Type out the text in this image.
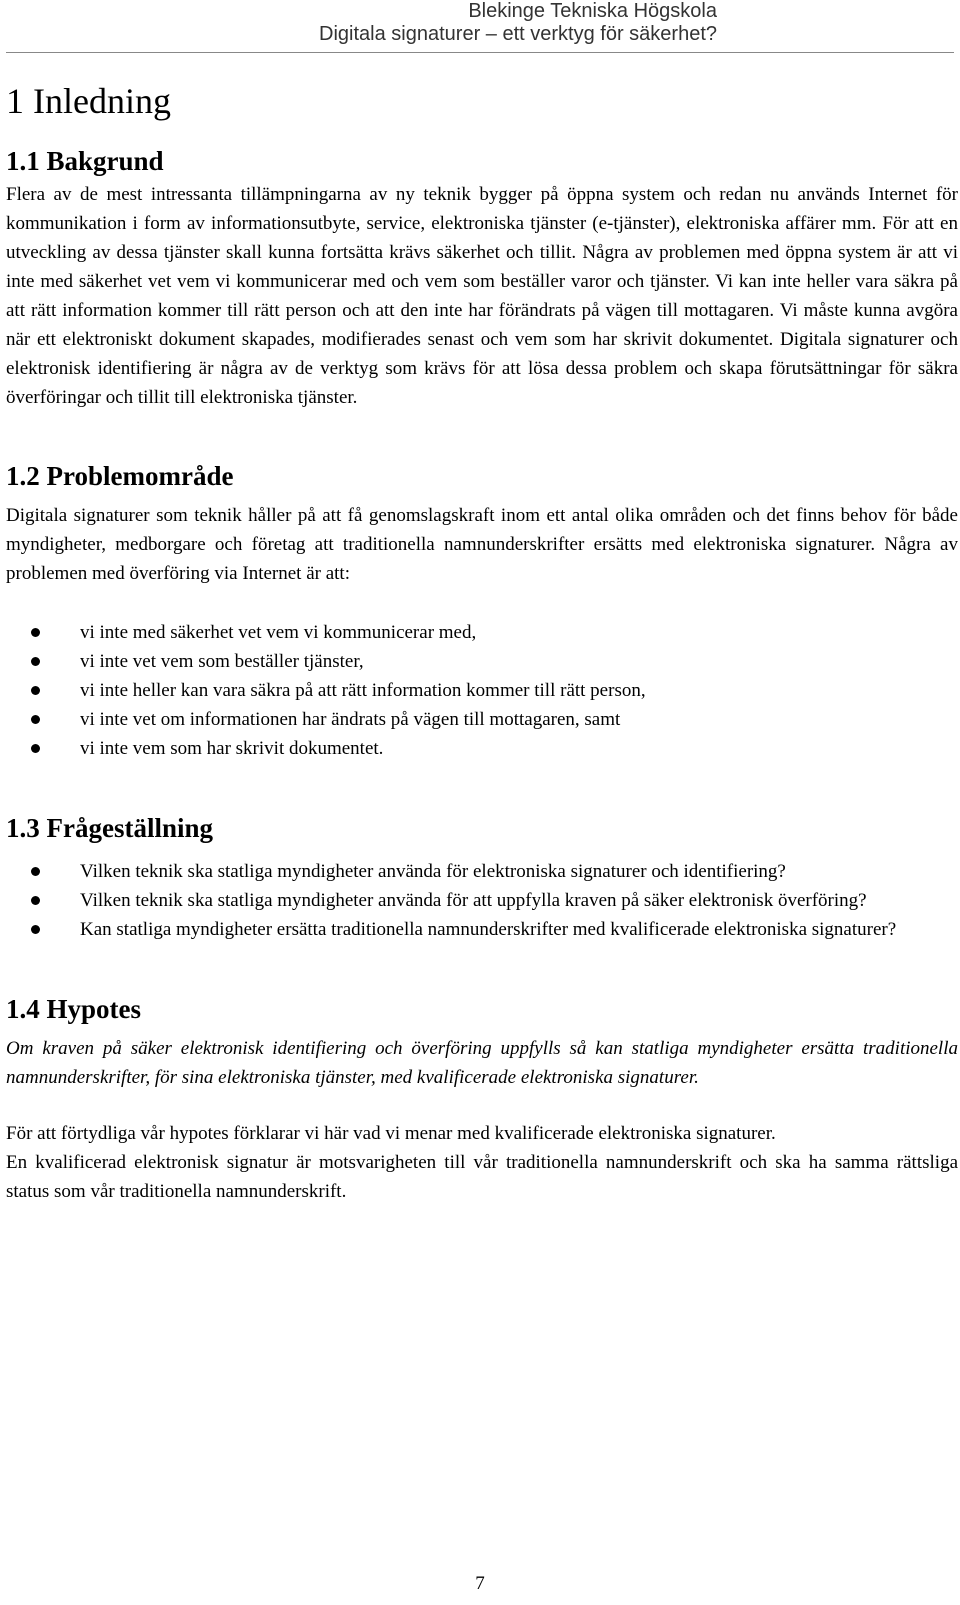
Blekinge Tekniska Högskola
Digitala signaturer – ett verktyg för säkerhet?
1 Inledning
1.1 Bakgrund

Flera av de mest intressanta tillämpningarna av ny teknik bygger på öppna system och redan nu används Internet för kommunikation i form av informationsutbyte, service, elektroniska tjänster (e-tjänster), elektroniska affärer mm. För att en utveckling av dessa tjänster skall kunna fortsätta krävs säkerhet och tillit. Några av problemen med öppna system är att vi inte med säkerhet vet vem vi kommunicerar med och vem som beställer varor och tjänster. Vi kan inte heller vara säkra på att rätt information kommer till rätt person och att den inte har förändrats på vägen till mottagaren. Vi måste kunna avgöra när ett elektroniskt dokument skapades, modifierades senast och vem som har skrivit dokumentet. Digitala signaturer och elektronisk identifiering är några av de verktyg som krävs för att lösa dessa problem och skapa förutsättningar för säkra överföringar och tillit till elektroniska tjänster.

1.2 Problemområde

Digitala signaturer som teknik håller på att få genomslagskraft inom ett antal olika områden och det finns behov för både myndigheter, medborgare och företag att traditionella namnunderskrifter ersätts med elektroniska signaturer. Några av problemen med överföring via Internet är att:

vi inte med säkerhet vet vem vi kommunicerar med,
vi inte vet vem som beställer tjänster,
vi inte heller kan vara säkra på att rätt information kommer till rätt person,
vi inte vet om informationen har ändrats på vägen till mottagaren, samt
vi inte vem som har skrivit dokumentet.
1.3 Frågeställning
Vilken teknik ska statliga myndigheter använda för elektroniska signaturer och identifiering?
Vilken teknik ska statliga myndigheter använda för att uppfylla kraven på säker elektronisk överföring?
Kan statliga myndigheter ersätta traditionella namnunderskrifter med kvalificerade elektroniska signaturer?
1.4 Hypotes

Om kraven på säker elektronisk identifiering och överföring uppfylls så kan statliga myndigheter ersätta traditionella namnunderskrifter, för sina elektroniska tjänster, med kvalificerade elektroniska signaturer.

För att förtydliga vår hypotes förklarar vi här vad vi menar med kvalificerade elektroniska signaturer.

En kvalificerad elektronisk signatur är motsvarigheten till vår traditionella namnunderskrift och ska ha samma rättsliga status som vår traditionella namnunderskrift.

7
